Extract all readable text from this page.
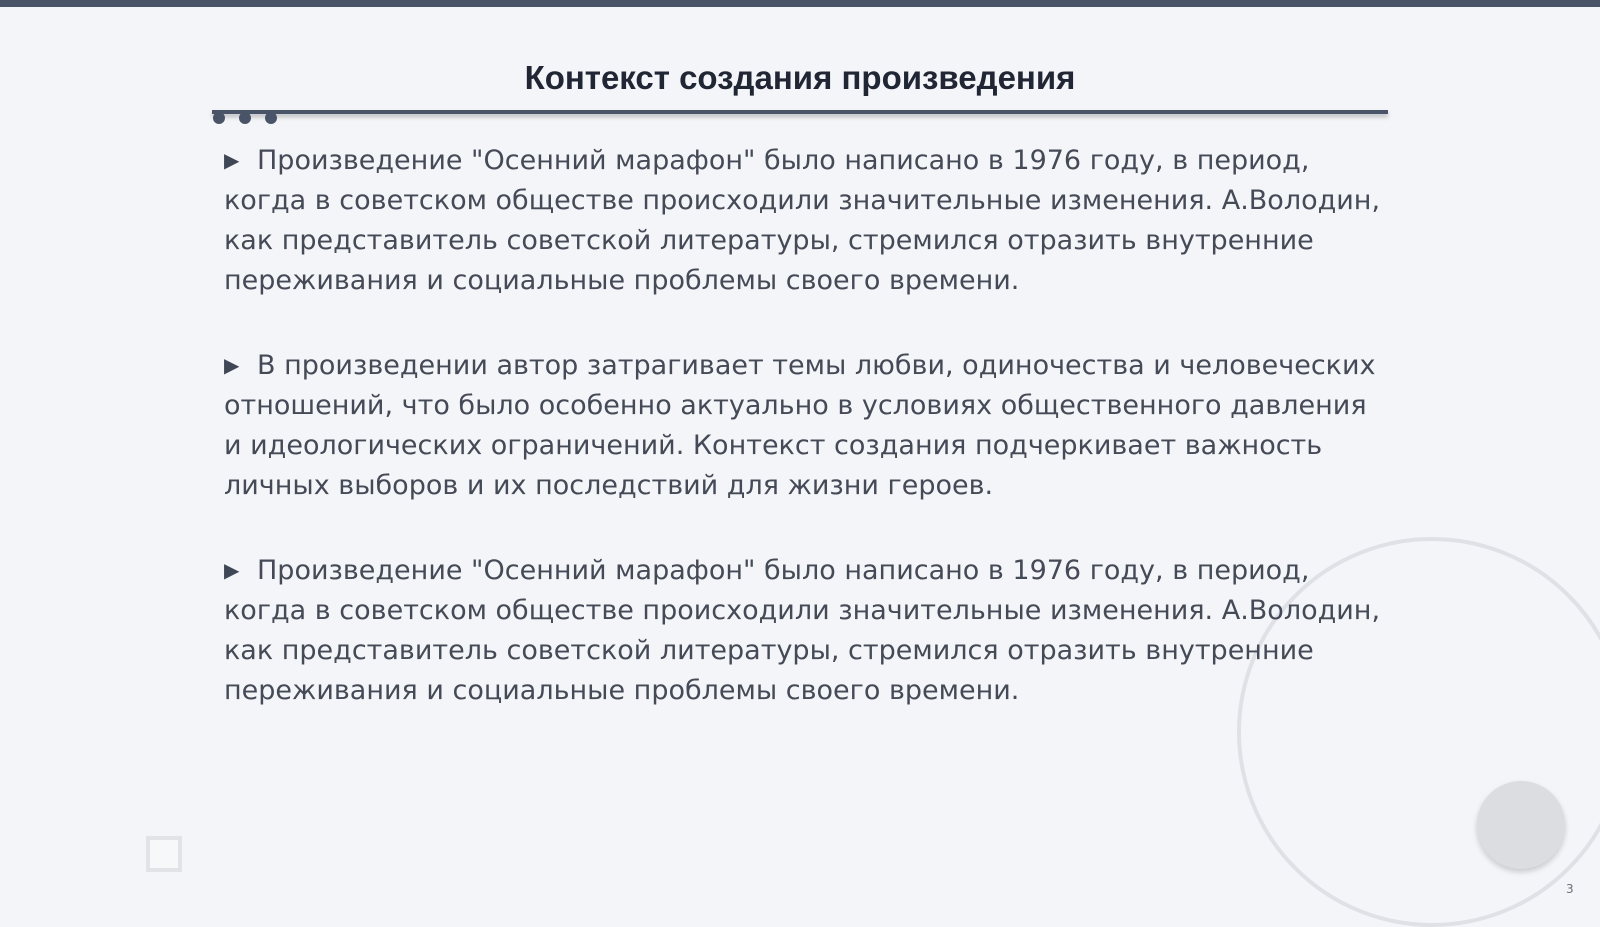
Контекст создания произведения

▶ Произведение "Осенний марафон" было написано в 1976 году, в период, когда в советском обществе происходили значительные изменения. А.Володин, как представитель советской литературы, стремился отразить внутренние переживания и социальные проблемы своего времени.

▶ В произведении автор затрагивает темы любви, одиночества и человеческих отношений, что было особенно актуально в условиях общественного давления и идеологических ограничений. Контекст создания подчеркивает важность личных выборов и их последствий для жизни героев.

▶ Произведение "Осенний марафон" было написано в 1976 году, в период, когда в советском обществе происходили значительные изменения. А.Володин, как представитель советской литературы, стремился отразить внутренние переживания и социальные проблемы своего времени.

3
